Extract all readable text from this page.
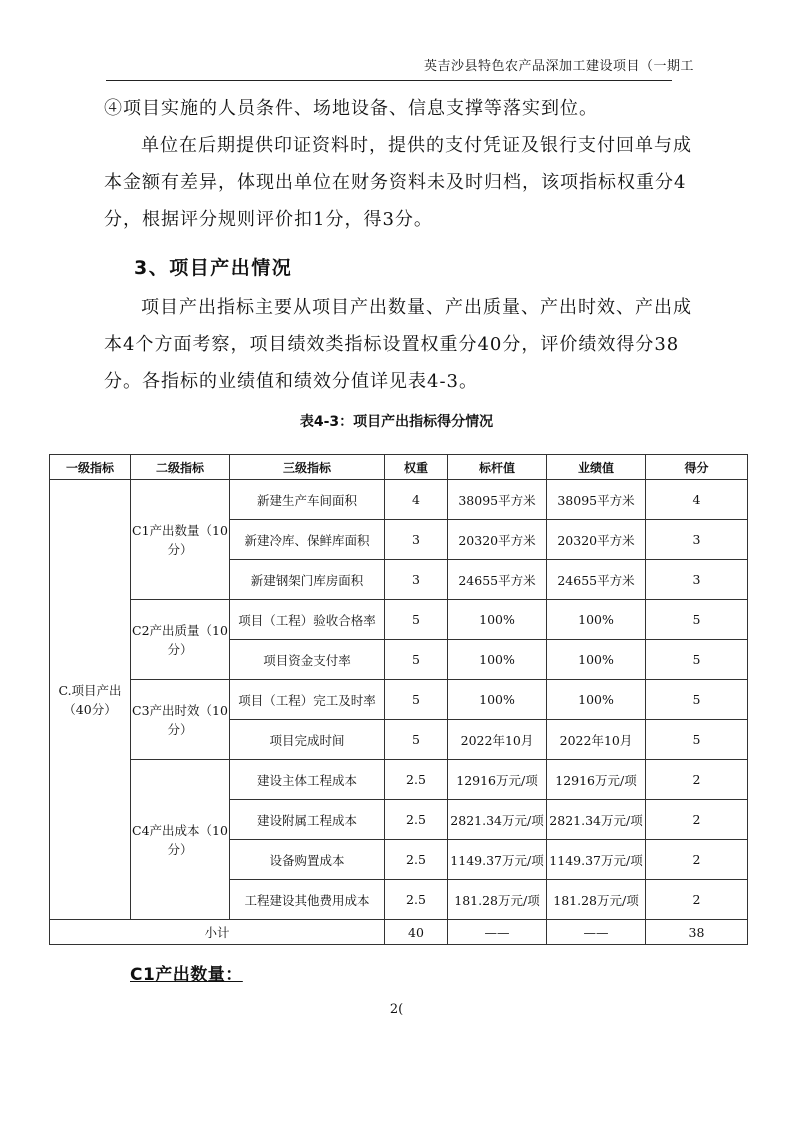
英吉沙县特色农产品深加工建设项目（一期工

④项目实施的人员条件、场地设备、信息支撑等落实到位。

单位在后期提供印证资料时，提供的支付凭证及银行支付回单与成本金额有差异，体现出单位在财务资料未及时归档，该项指标权重分4分，根据评分规则评价扣1分，得3分。

3、项目产出情况

项目产出指标主要从项目产出数量、产出质量、产出时效、产出成本4个方面考察，项目绩效类指标设置权重分40分，评价绩效得分38分。各指标的业绩值和绩效分值详见表4-3。

表4-3：项目产出指标得分情况
一级指标	二级指标	三级指标	权重	标杆值	业绩值	得分
C.项目产出（40分）	C1产出数量（10分）	新建生产车间面积	4	38095平方米	38095平方米	4
		新建冷库、保鲜库面积	3	20320平方米	20320平方米	3
		新建钢架门库房面积	3	24655平方米	24655平方米	3
	C2产出质量（10分）	项目（工程）验收合格率	5	100%	100%	5
		项目资金支付率	5	100%	100%	5
	C3产出时效（10分）	项目（工程）完工及时率	5	100%	100%	5
		项目完成时间	5	2022年10月	2022年10月	5
	C4产出成本（10分）	建设主体工程成本	2.5	12916万元/项	12916万元/项	2
		建设附属工程成本	2.5	2821.34万元/项	2821.34万元/项	2
		设备购置成本	2.5	1149.37万元/项	1149.37万元/项	2
		工程建设其他费用成本	2.5	181.28万元/项	181.28万元/项	2
小计			40	——	——	38
C1产出数量：
2(
